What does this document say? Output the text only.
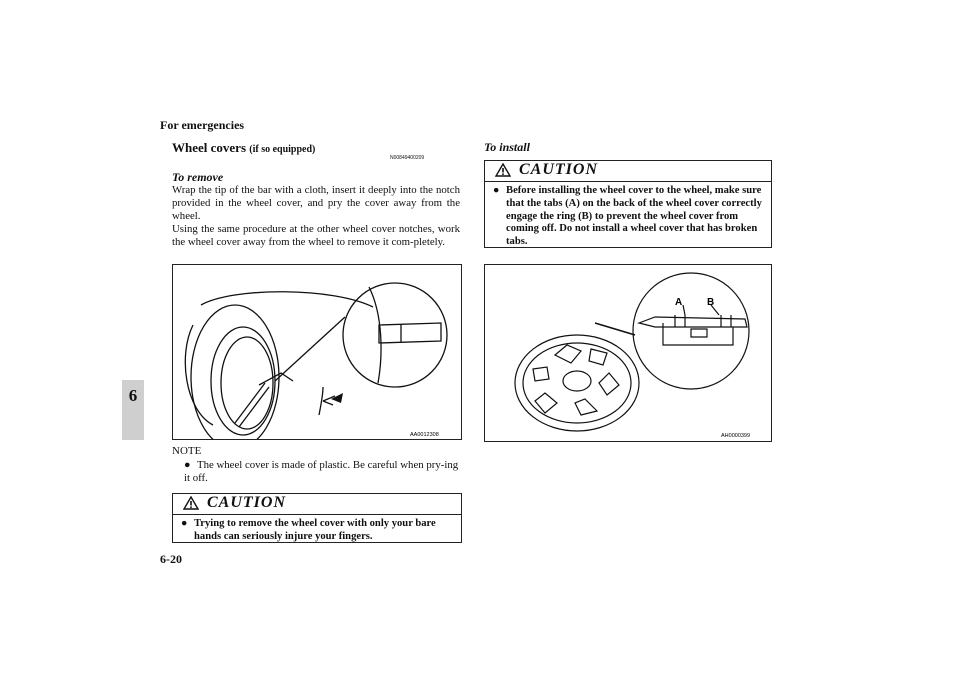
6
For emergencies
Wheel covers (if so equipped)
N00849400209
To remove

Wrap the tip of the bar with a cloth, insert it deeply into the notch provided in the wheel cover, and pry the cover away from the wheel.

Using the same procedure at the other wheel cover notches, work the wheel cover away from the wheel to remove it com-pletely.

AA0012308
NOTE
● The wheel cover is made of plastic. Be careful when pry-ing it off.
CAUTION
● Trying to remove the wheel cover with only your bare hands can seriously injure your fingers.
6-20
To install
CAUTION
● Before installing the wheel cover to the wheel, make sure that the tabs (A) on the back of the wheel cover correctly engage the ring (B) to prevent the wheel cover from coming off. Do not install a wheel cover that has broken tabs.
A B
AH0000399
